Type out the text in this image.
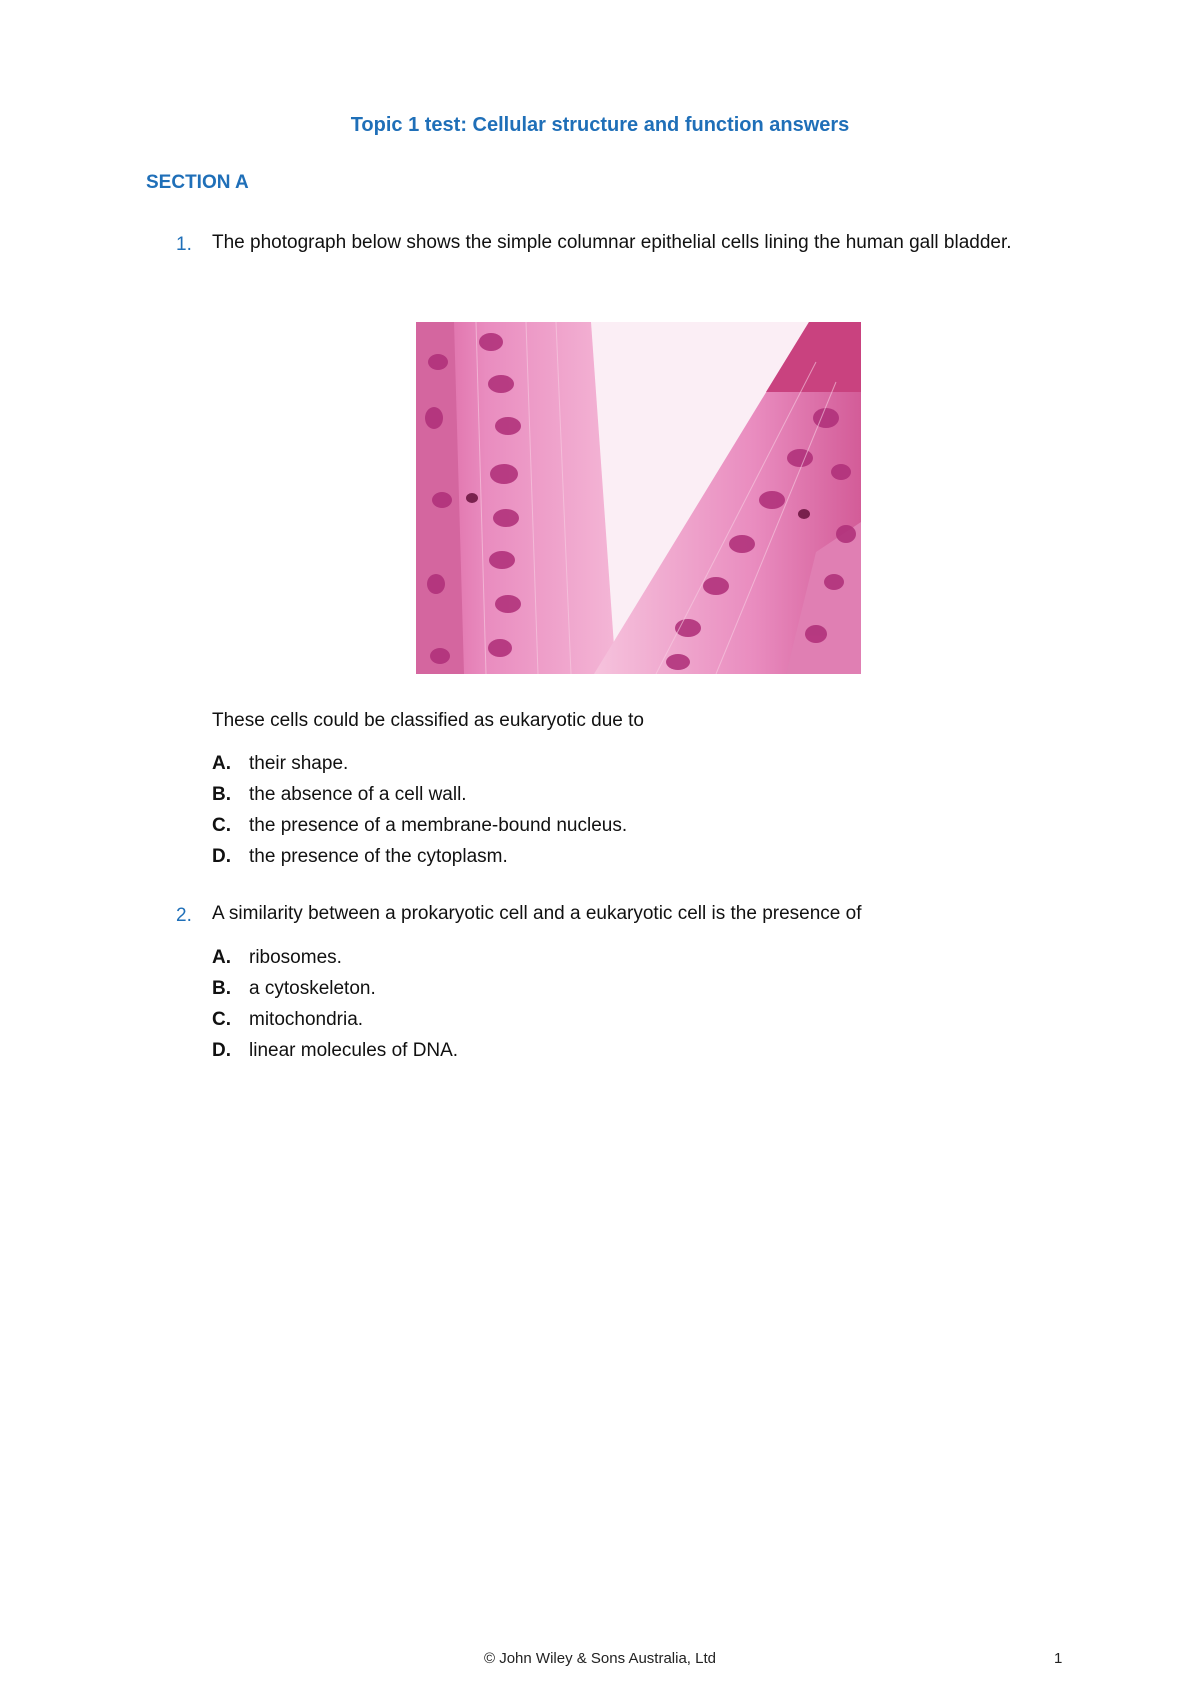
Topic 1 test: Cellular structure and function answers
SECTION A
1. The photograph below shows the simple columnar epithelial cells lining the human gall bladder.
These cells could be classified as eukaryotic due to
A. their shape.
B. the absence of a cell wall.
C. the presence of a membrane-bound nucleus.
D. the presence of the cytoplasm.
2. A similarity between a prokaryotic cell and a eukaryotic cell is the presence of
A. ribosomes.
B. a cytoskeleton.
C. mitochondria.
D. linear molecules of DNA.
© John Wiley & Sons Australia, Ltd	1
